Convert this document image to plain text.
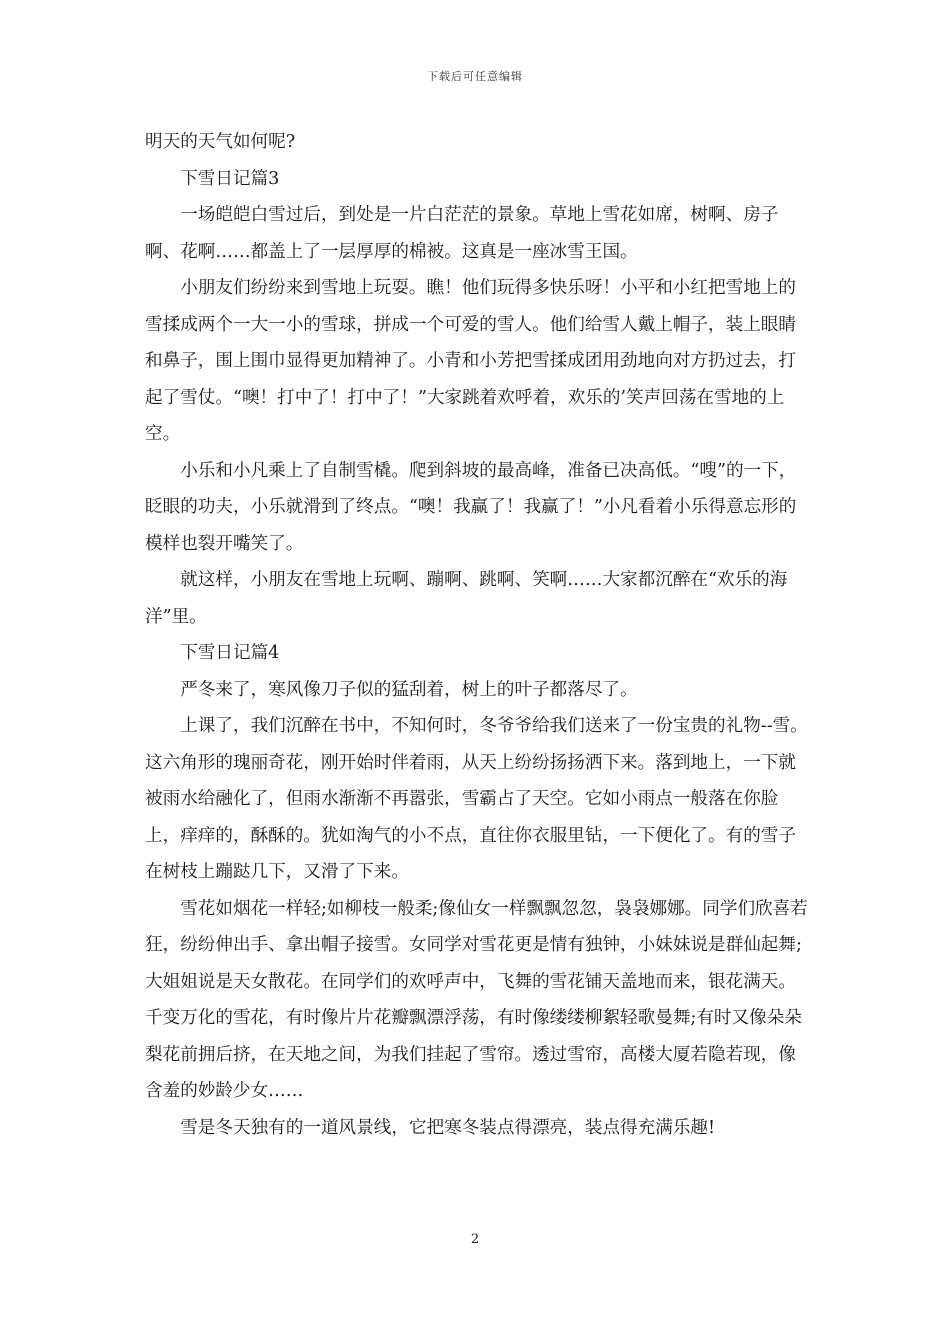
下载后可任意编辑

明天的天气如何呢?

下雪日记篇3

一场皑皑白雪过后，到处是一片白茫茫的景象。草地上雪花如席，树啊、房子啊、花啊……都盖上了一层厚厚的棉被。这真是一座冰雪王国。

小朋友们纷纷来到雪地上玩耍。瞧！他们玩得多快乐呀！小平和小红把雪地上的雪揉成两个一大一小的雪球，拼成一个可爱的雪人。他们给雪人戴上帽子，装上眼睛和鼻子，围上围巾显得更加精神了。小青和小芳把雪揉成团用劲地向对方扔过去，打起了雪仗。“噢！打中了！打中了！”大家跳着欢呼着，欢乐的’笑声回荡在雪地的上空。

小乐和小凡乘上了自制雪橇。爬到斜坡的最高峰，准备已决高低。“嗖”的一下，眨眼的功夫，小乐就滑到了终点。“噢！我赢了！我赢了！”小凡看着小乐得意忘形的模样也裂开嘴笑了。

就这样，小朋友在雪地上玩啊、蹦啊、跳啊、笑啊……大家都沉醉在“欢乐的海洋”里。

下雪日记篇4

严冬来了，寒风像刀子似的猛刮着，树上的叶子都落尽了。

上课了，我们沉醉在书中，不知何时，冬爷爷给我们送来了一份宝贵的礼物--雪。这六角形的瑰丽奇花，刚开始时伴着雨，从天上纷纷扬扬洒下来。落到地上，一下就被雨水给融化了，但雨水渐渐不再嚣张，雪霸占了天空。它如小雨点一般落在你脸上，痒痒的，酥酥的。犹如淘气的小不点，直往你衣服里钻，一下便化了。有的雪子在树枝上蹦跶几下，又滑了下来。

雪花如烟花一样轻;如柳枝一般柔;像仙女一样飘飘忽忽，袅袅娜娜。同学们欣喜若狂，纷纷伸出手、拿出帽子接雪。女同学对雪花更是情有独钟，小妹妹说是群仙起舞;大姐姐说是天女散花。在同学们的欢呼声中，飞舞的雪花铺天盖地而来，银花满天。千变万化的雪花，有时像片片花瓣飘漂浮荡，有时像缕缕柳絮轻歌曼舞;有时又像朵朵梨花前拥后挤，在天地之间，为我们挂起了雪帘。透过雪帘，高楼大厦若隐若现，像含羞的妙龄少女……

雪是冬天独有的一道风景线，它把寒冬装点得漂亮，装点得充满乐趣!

2
